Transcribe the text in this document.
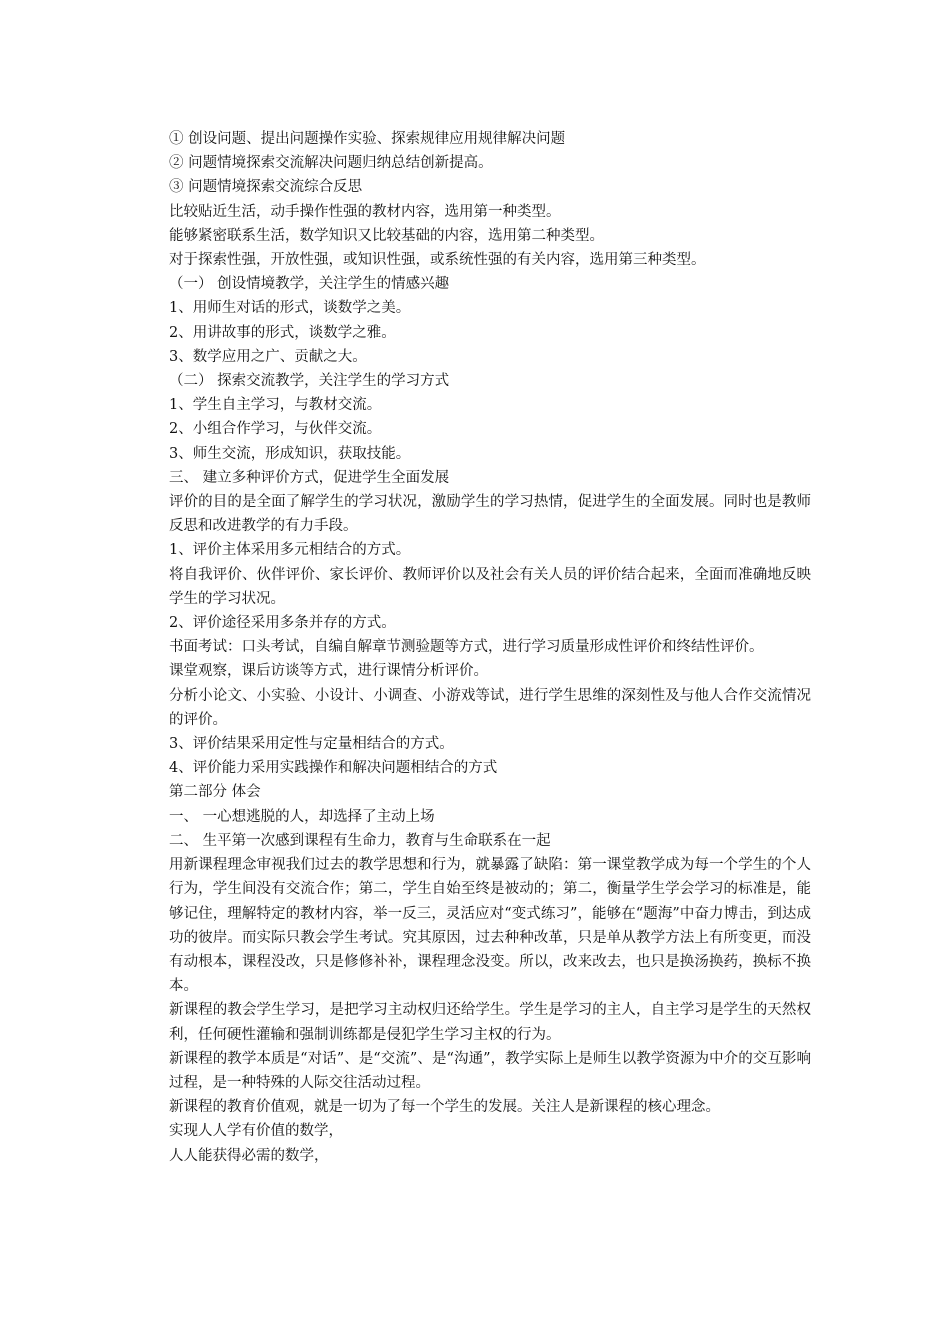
① 创设问题、提出问题操作实验、探索规律应用规律解决问题

② 问题情境探索交流解决问题归纳总结创新提高。

③ 问题情境探索交流综合反思

比较贴近生活，动手操作性强的教材内容，选用第一种类型。

能够紧密联系生活，数学知识又比较基础的内容，选用第二种类型。

对于探索性强，开放性强，或知识性强，或系统性强的有关内容，选用第三种类型。

（一） 创设情境教学，关注学生的情感兴趣

1、用师生对话的形式，谈数学之美。

2、用讲故事的形式，谈数学之雅。

3、数学应用之广、贡献之大。

（二） 探索交流教学，关注学生的学习方式

1、学生自主学习，与教材交流。

2、小组合作学习，与伙伴交流。

3、师生交流，形成知识，获取技能。

三、 建立多种评价方式，促进学生全面发展

评价的目的是全面了解学生的学习状况，激励学生的学习热情，促进学生的全面发展。同时也是教师反思和改进教学的有力手段。

1、评价主体采用多元相结合的方式。

将自我评价、伙伴评价、家长评价、教师评价以及社会有关人员的评价结合起来，全面而准确地反映学生的学习状况。

2、评价途径采用多条并存的方式。

书面考试：口头考试，自编自解章节测验题等方式，进行学习质量形成性评价和终结性评价。

课堂观察，课后访谈等方式，进行课情分析评价。

分析小论文、小实验、小设计、小调查、小游戏等试，进行学生思维的深刻性及与他人合作交流情况的评价。

3、评价结果采用定性与定量相结合的方式。

4、评价能力采用实践操作和解决问题相结合的方式

第二部分 体会

一、 一心想逃脱的人，却选择了主动上场

二、 生平第一次感到课程有生命力，教育与生命联系在一起

用新课程理念审视我们过去的教学思想和行为，就暴露了缺陷：第一课堂教学成为每一个学生的个人行为，学生间没有交流合作；第二，学生自始至终是被动的；第二，衡量学生学会学习的标准是，能够记住，理解特定的教材内容，举一反三，灵活应对“变式练习”，能够在“题海”中奋力博击，到达成功的彼岸。而实际只教会学生考试。究其原因，过去种种改革，只是单从教学方法上有所变更，而没有动根本，课程没改，只是修修补补，课程理念没变。所以，改来改去，也只是换汤换药，换标不换本。

新课程的教会学生学习，是把学习主动权归还给学生。学生是学习的主人，自主学习是学生的天然权利，任何硬性灌输和强制训练都是侵犯学生学习主权的行为。

新课程的教学本质是“对话”、是“交流”、是“沟通”，教学实际上是师生以教学资源为中介的交互影响过程，是一种特殊的人际交往活动过程。

新课程的教育价值观，就是一切为了每一个学生的发展。关注人是新课程的核心理念。

实现人人学有价值的数学，

人人能获得必需的数学，
